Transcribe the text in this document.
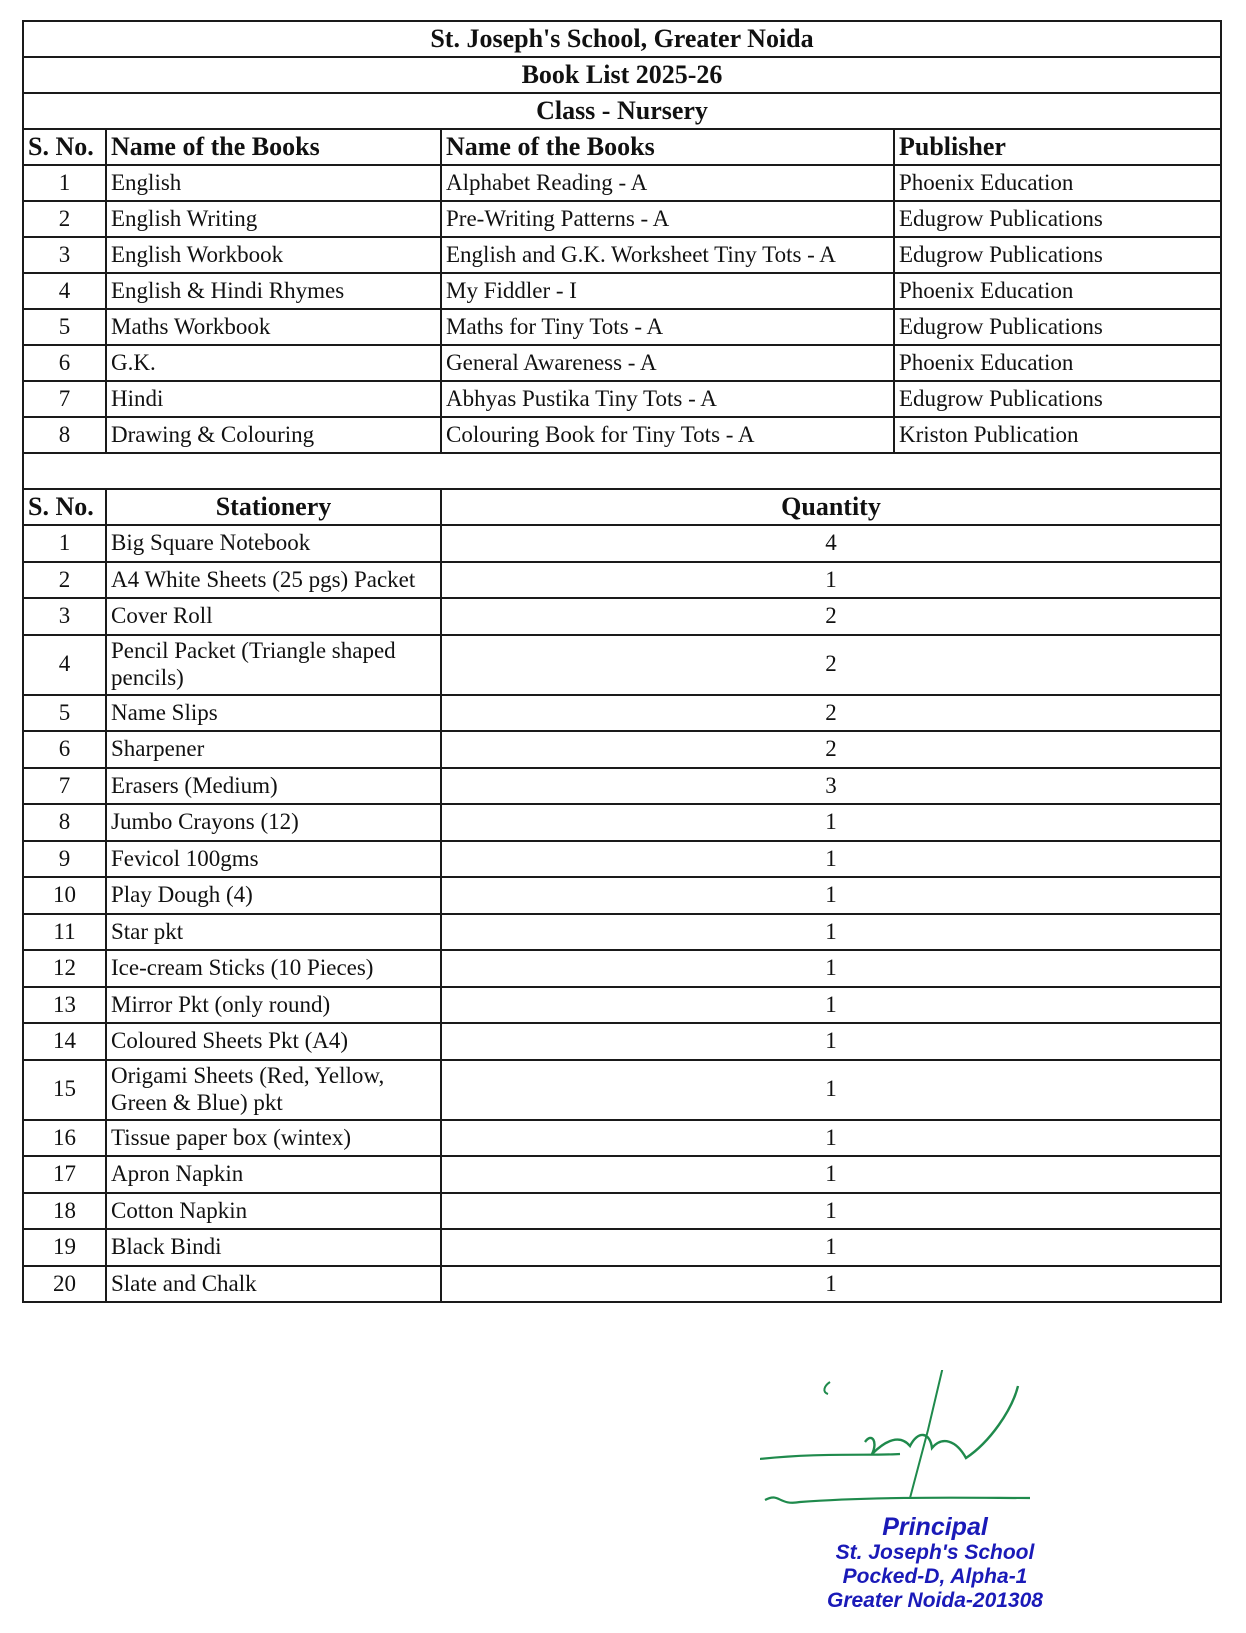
St. Joseph's School, Greater Noida			
Book List 2025-26			
Class - Nursery			
S. No.	Name of the Books	Name of the Books	Publisher
1	English	Alphabet Reading - A	Phoenix Education
2	English Writing	Pre-Writing Patterns - A	Edugrow Publications
3	English Workbook	English and G.K. Worksheet Tiny Tots - A	Edugrow Publications
4	English & Hindi Rhymes	My Fiddler - I	Phoenix Education
5	Maths Workbook	Maths for Tiny Tots - A	Edugrow Publications
6	G.K.	General Awareness - A	Phoenix Education
7	Hindi	Abhyas Pustika Tiny Tots - A	Edugrow Publications
8	Drawing & Colouring	Colouring Book for Tiny Tots - A	Kriston Publication

S. No.	Stationery	Quantity
1	Big Square Notebook	4
2	A4 White Sheets (25 pgs) Packet	1
3	Cover Roll	2
4	Pencil Packet (Triangle shaped pencils)	2
5	Name Slips	2
6	Sharpener	2
7	Erasers (Medium)	3
8	Jumbo Crayons (12)	1
9	Fevicol 100gms	1
10	Play Dough (4)	1
11	Star pkt	1
12	Ice-cream Sticks (10 Pieces)	1
13	Mirror Pkt (only round)	1
14	Coloured Sheets Pkt (A4)	1
15	Origami Sheets (Red, Yellow, Green & Blue) pkt	1
16	Tissue paper box (wintex)	1
17	Apron Napkin	1
18	Cotton Napkin	1
19	Black Bindi	1
20	Slate and Chalk	1
Principal
St. Joseph's School
Pocked-D, Alpha-1
Greater Noida-201308
